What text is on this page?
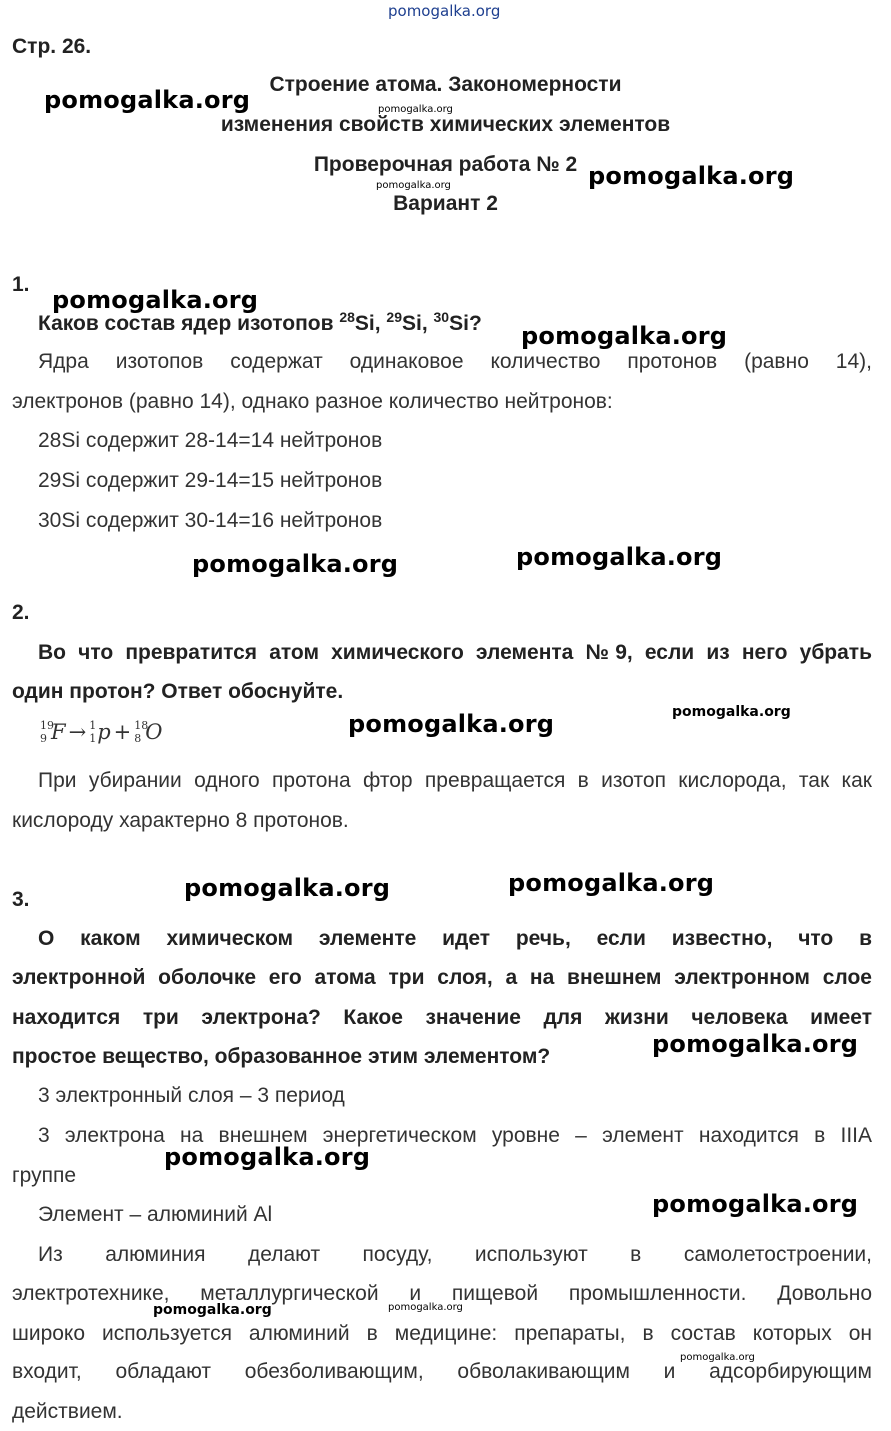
pomogalka.org
Стр. 26.
Строение атома. Закономерности
изменения свойств химических элементов
Проверочная работа № 2
Вариант 2
1.
Каков состав ядер изотопов $^{28}$Si, $^{29}$Si, $^{30}$Si?
Ядра изотопов содержат одинаковое количество протонов (равно 14),
электронов (равно 14), однако разное количество нейтронов:
28Si содержит 28-14=14 нейтронов
29Si содержит 29-14=15 нейтронов
30Si содержит 30-14=16 нейтронов
2.
Во что превратится атом химического элемента №9, если из него убрать
один протон? Ответ обоснуйте.
19
9 F → 1
1 p + 18
8 O
При убирании одного протона фтор превращается в изотоп кислорода, так как
кислороду характерно 8 протонов.
3.
О каком химическом элементе идет речь, если известно, что в
электронной оболочке его атома три слоя, а на внешнем электронном слое
находится три электрона? Какое значение для жизни человека имеет
простое вещество, образованное этим элементом?
3 электронный слоя – 3 период
3 электрона на внешнем энергетическом уровне – элемент находится в IIIA
группе
Элемент – алюминий Al
Из алюминия делают посуду, используют в самолетостроении,
электротехнике, металлургической и пищевой промышленности. Довольно
широко используется алюминий в медицине: препараты, в состав которых он
входит, обладают обезболивающим, обволакивающим и адсорбирующим
действием.
pomogalka.org	pomogalka.org
pomogalka.org
pomogalka.org
pomogalka.org
pomogalka.org
pomogalka.org	pomogalka.org
pomogalka.org	pomogalka.org
pomogalka.org	pomogalka.org
pomogalka.org
pomogalka.org
pomogalka.org
pomogalka.org	pomogalka.org
pomogalka.org
